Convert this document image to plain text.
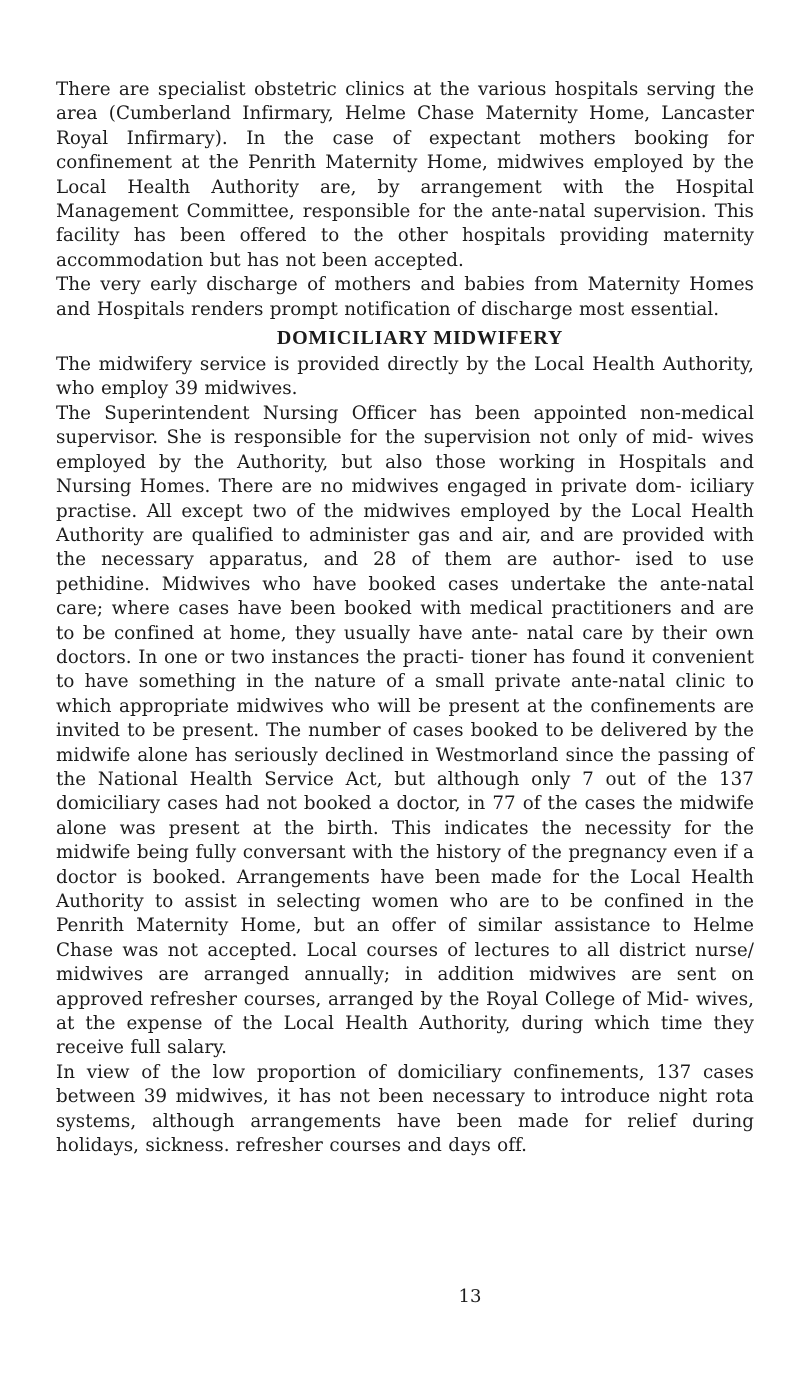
There are specialist obstetric clinics at the various hospitals serving the area (Cumberland Infirmary, Helme Chase Maternity Home, Lancaster Royal Infirmary). In the case of expectant mothers booking for confinement at the Penrith Maternity Home, midwives employed by the Local Health Authority are, by arrangement with the Hospital Management Committee, responsible for the ante-natal supervision. This facility has been offered to the other hospitals providing maternity accommodation but has not been accepted.

The very early discharge of mothers and babies from Maternity Homes and Hospitals renders prompt notification of discharge most essential.

DOMICILIARY MIDWIFERY

The midwifery service is provided directly by the Local Health Authority, who employ 39 midwives.

The Superintendent Nursing Officer has been appointed non-medical supervisor. She is responsible for the supervision not only of mid- wives employed by the Authority, but also those working in Hospitals and Nursing Homes. There are no midwives engaged in private dom- iciliary practise. All except two of the midwives employed by the Local Health Authority are qualified to administer gas and air, and are provided with the necessary apparatus, and 28 of them are author- ised to use pethidine. Midwives who have booked cases undertake the ante-natal care; where cases have been booked with medical practitioners and are to be confined at home, they usually have ante- natal care by their own doctors. In one or two instances the practi- tioner has found it convenient to have something in the nature of a small private ante-natal clinic to which appropriate midwives who will be present at the confinements are invited to be present. The number of cases booked to be delivered by the midwife alone has seriously declined in Westmorland since the passing of the National Health Service Act, but although only 7 out of the 137 domiciliary cases had not booked a doctor, in 77 of the cases the midwife alone was present at the birth. This indicates the necessity for the midwife being fully conversant with the history of the pregnancy even if a doctor is booked. Arrangements have been made for the Local Health Authority to assist in selecting women who are to be confined in the Penrith Maternity Home, but an offer of similar assistance to Helme Chase was not accepted. Local courses of lectures to all district nurse/ midwives are arranged annually; in addition midwives are sent on approved refresher courses, arranged by the Royal College of Mid- wives, at the expense of the Local Health Authority, during which time they receive full salary.

In view of the low proportion of domiciliary confinements, 137 cases between 39 midwives, it has not been necessary to introduce night rota systems, although arrangements have been made for relief during holidays, sickness. refresher courses and days off.

13
